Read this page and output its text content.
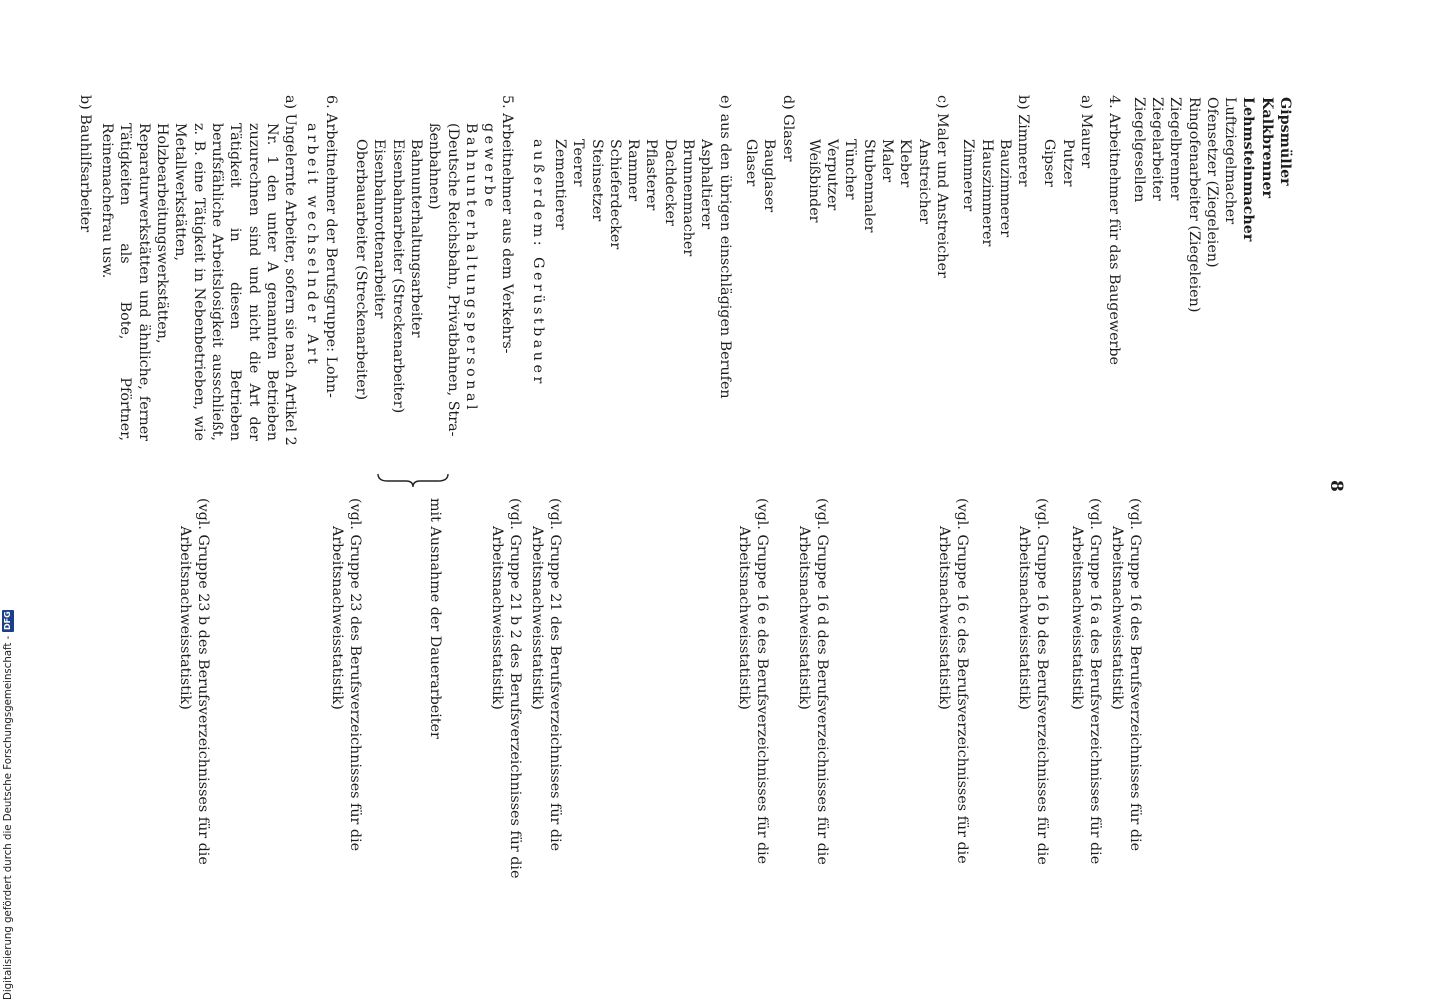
8
Gipsmüller
Kalkbrenner
Lehmsteinmacher
Luftziegelmacher
Ofensetzer (Ziegeleien)
Ringofenarbeiter (Ziegeleien)
Ziegelbrenner
Ziegelarbeiter
Ziegelgesellen
4. Arbeitnehmer für das Baugewerbe
a) Maurer
Putzer
Gipser
b) Zimmerer
Bauzimmerer
Hauszimmerer
Zimmerer
c) Maler und Anstreicher
Anstreicher
Kleber
Maler
Stubenmaler
Tüncher
Verputzer
Weißbinder
d) Glaser
Bauglaser
Glaser
e) aus den übrigen einschlägigen Berufen
Asphaltierer
Brunnenmacher
Dachdecker
Pflasterer
Rammer
Schieferdecker
Steinsetzer
Teerer
Zementierer
außerdem: Gerüstbauer
5. Arbeitnehmer aus dem Verkehrs-
gewerbe
Bahnunterhaltungspersonal
(Deutsche Reichsbahn, Privatbahnen, Stra-
ßenbahnen)
Bahnunterhaltungsarbeiter
Eisenbahnarbeiter (Streckenarbeiter)
Eisenbahnrottenarbeiter
Oberbauarbeiter (Streckenarbeiter)
6. Arbeitnehmer der Berufsgruppe: Lohn-
arbeit wechselnder Art
a) Ungelernte Arbeiter, sofern sie nach Artikel 2
Nr. 1 den unter A genannten Betrieben zuzurechnen sind und nicht die Art der Tätigkeit in diesen Betrieben berufsfähliche Arbeitslosigkeit ausschließt, z. B. eine Tätigkeit in Nebenbetrieben, wie Metallwerkstätten, Holzbearbeitungswerkstätten, Reparaturwerkstätten und ähnliche, ferner Tätigkeiten als Bote, Pförtner, Reinemachefrau usw.
b) Bauhilfsarbeiter
(vgl. Gruppe 16 des Berufsverzeichnisses für die
Arbeitsnachweisstatistik)
(vgl. Gruppe 16 a des Berufsverzeichnisses für die
Arbeitsnachweisstatistik)
(vgl. Gruppe 16 b des Berufsverzeichnisses für die
Arbeitsnachweisstatistik)
(vgl. Gruppe 16 c des Berufsverzeichnisses für die
Arbeitsnachweisstatistik)
(vgl. Gruppe 16 d des Berufsverzeichnisses für die
Arbeitsnachweisstatistik)
(vgl. Gruppe 16 e des Berufsverzeichnisses für die
Arbeitsnachweisstatistik)
(vgl. Gruppe 21 des Berufsverzeichnisses für die
Arbeitsnachweisstatistik)
(vgl. Gruppe 21 b 2 des Berufsverzeichnisses für die
Arbeitsnachweisstatistik)
mit Ausnahme der Dauerarbeiter
(vgl. Gruppe 23 des Berufsverzeichnisses für die
Arbeitsnachweisstatistik)
(vgl. Gruppe 23 b des Berufsverzeichnisses für die
Arbeitsnachweisstatistik)
Digitalisierung gefördert durch die Deutsche Forschungsgemeinschaft -
DFG
